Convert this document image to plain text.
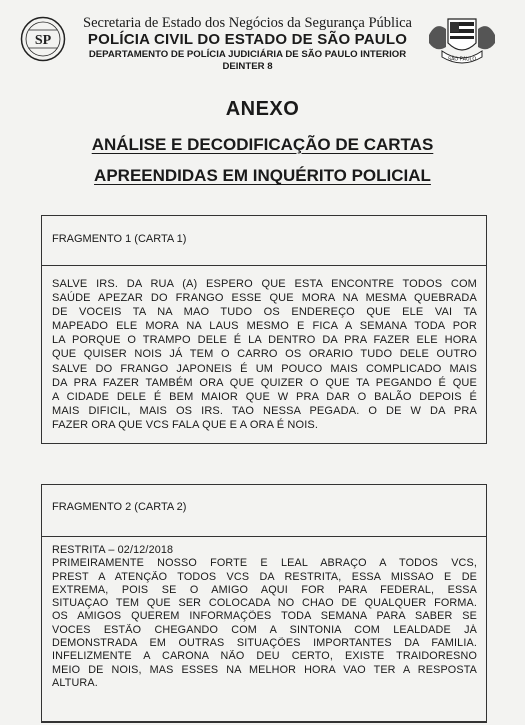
SP
SÃO PAULO
Secretaria de Estado dos Negócios da Segurança Pública
POLÍCIA CIVIL DO ESTADO DE SÃO PAULO
DEPARTAMENTO DE POLÍCIA JUDICIÁRIA DE SÃO PAULO INTERIOR
DEINTER 8
ANEXO
ANÁLISE E DECODIFICAÇÃO DE CARTAS
APREENDIDAS EM INQUÉRITO POLICIAL
FRAGMENTO 1 (CARTA 1)
SALVE IRS. DA RUA (A) ESPERO QUE ESTA ENCONTRE TODOS COM
SAÚDE APEZAR DO FRANGO ESSE QUE MORA NA MESMA QUEBRADA
DE VOCEIS TA NA MAO TUDO OS ENDEREÇO QUE ELE VAI TA
MAPEADO ELE MORA NA LAUS MESMO E FICA A SEMANA TODA POR
LA PORQUE O TRAMPO DELE É LA DENTRO DA PRA FAZER ELE HORA
QUE QUISER NOIS JÁ TEM O CARRO OS ORARIO TUDO DELE OUTRO
SALVE DO FRANGO JAPONEIS É UM POUCO MAIS COMPLICADO MAIS
DA PRA FAZER TAMBÉM ORA QUE QUIZER O QUE TA PEGANDO É QUE
A CIDADE DELE É BEM MAIOR QUE W PRA DAR O BALÃO DEPOIS É
MAIS DIFICIL, MAIS OS IRS. TAO NESSA PEGADA. O DE W DA PRA
FAZER ORA QUE VCS FALA QUE E A ORA É NOIS.
FRAGMENTO 2 (CARTA 2)
RESTRITA – 02/12/2018
PRIMEIRAMENTE NOSSO FORTE E LEAL ABRAÇO A TODOS VCS,
PREST A ATENÇÃO TODOS VCS DA RESTRITA, ESSA MISSAO E DE
EXTREMA, POIS SE O AMIGO AQUI FOR PARA FEDERAL, ESSA
SITUAÇAO TEM QUE SER COLOCADA NO CHAO DE QUALQUER FORMA.
OS AMIGOS QUEREM INFORMAÇÕES TODA SEMANA PARA SABER SE
VOCES ESTÃO CHEGANDO COM A SINTONIA COM LEALDADE JÁ
DEMONSTRADA EM OUTRAS SITUAÇÕES IMPORTANTES DA FAMILIA.
INFELIZMENTE A CARONA NÃO DEU CERTO, EXISTE TRAIDORESNO
MEIO DE NOIS, MAS ESSES NA MELHOR HORA VAO TER A RESPOSTA
ALTURA.
